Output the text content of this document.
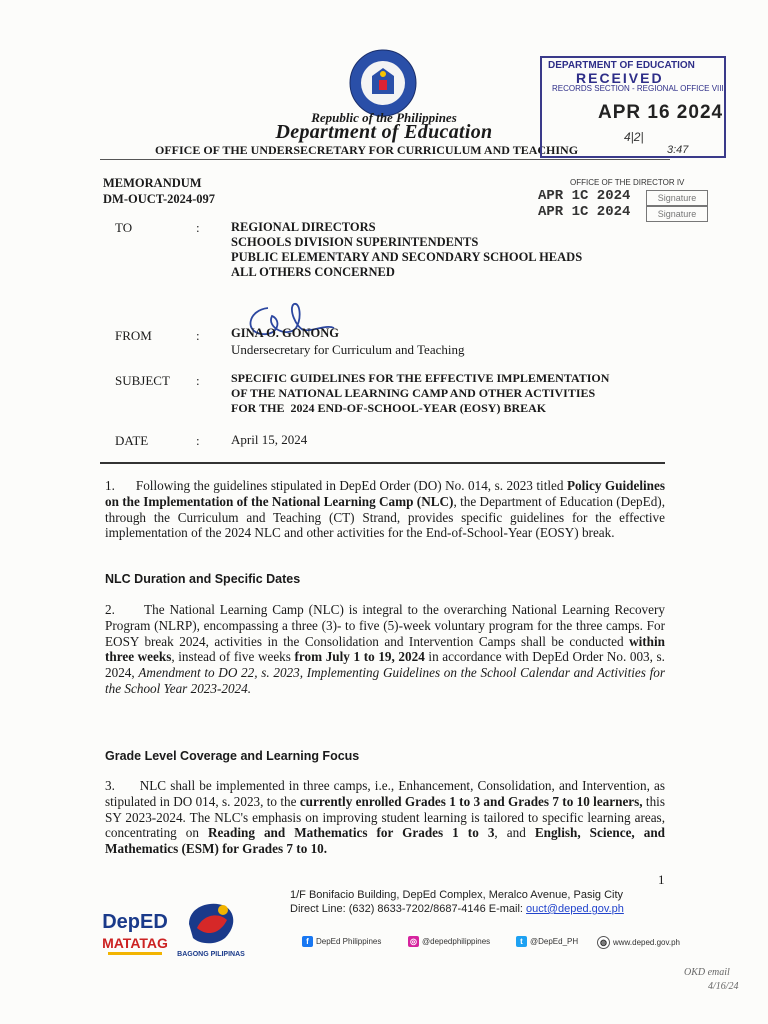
Republic of the Philippines
Department of Education
OFFICE OF THE UNDERSECRETARY FOR CURRICULUM AND TEACHING
DEPARTMENT OF EDUCATION
RECEIVED
RECORDS SECTION - REGIONAL OFFICE VIII
APR 16 2024
4|2|
3:47
OFFICE OF THE DIRECTOR IV
APR 1C 2024
APR 1C 2024
Signature
Signature
MEMORANDUM
DM-OUCT-2024-097
TO	:	REGIONAL DIRECTORS
SCHOOLS DIVISION SUPERINTENDENTS
PUBLIC ELEMENTARY AND SECONDARY SCHOOL HEADS
ALL OTHERS CONCERNED
FROM	:	GINA O. GONONG
Undersecretary for Curriculum and Teaching
SUBJECT :	SPECIFIC GUIDELINES FOR THE EFFECTIVE IMPLEMENTATION
OF THE NATIONAL LEARNING CAMP AND OTHER ACTIVITIES
FOR THE  2024 END-OF-SCHOOL-YEAR (EOSY) BREAK
DATE	: April 15, 2024
1.      Following the guidelines stipulated in DepEd Order (DO) No. 014, s. 2023 titled Policy Guidelines on the Implementation of the National Learning Camp (NLC), the Department of Education (DepEd), through the Curriculum and Teaching (CT) Strand, provides specific guidelines for the effective implementation of the 2024 NLC and other activities for the End-of-School-Year (EOSY) break.
NLC Duration and Specific Dates
2.      The National Learning Camp (NLC) is integral to the overarching National Learning Recovery Program (NLRP), encompassing a three (3)- to five (5)-week voluntary program for the three camps. For EOSY break 2024, activities in the Consolidation and Intervention Camps shall be conducted within three weeks, instead of five weeks from July 1 to 19, 2024 in accordance with DepEd Order No. 003, s. 2024, Amendment to DO 22, s. 2023, Implementing Guidelines on the School Calendar and Activities for the School Year 2023-2024.
Grade Level Coverage and Learning Focus
3.      NLC shall be implemented in three camps, i.e., Enhancement, Consolidation, and Intervention, as stipulated in DO 014, s. 2023, to the currently enrolled Grades 1 to 3 and Grades 7 to 10 learners, this SY 2023-2024. The NLC's emphasis on improving student learning is tailored to specific learning areas, concentrating on Reading and Mathematics for Grades 1 to 3, and English, Science, and Mathematics (ESM) for Grades 7 to 10.
1
DepED
MATATAG
BAGONG PILIPINAS
1/F Bonifacio Building, DepEd Complex, Meralco Avenue, Pasig City
Direct Line: (632) 8633-7202/8687-4146 E-mail: ouct@deped.gov.ph
f DepEd Philippines	◎ @depedphilippines	t @DepEd_PH	◍ www.deped.gov.ph
OKD email
4/16/24
